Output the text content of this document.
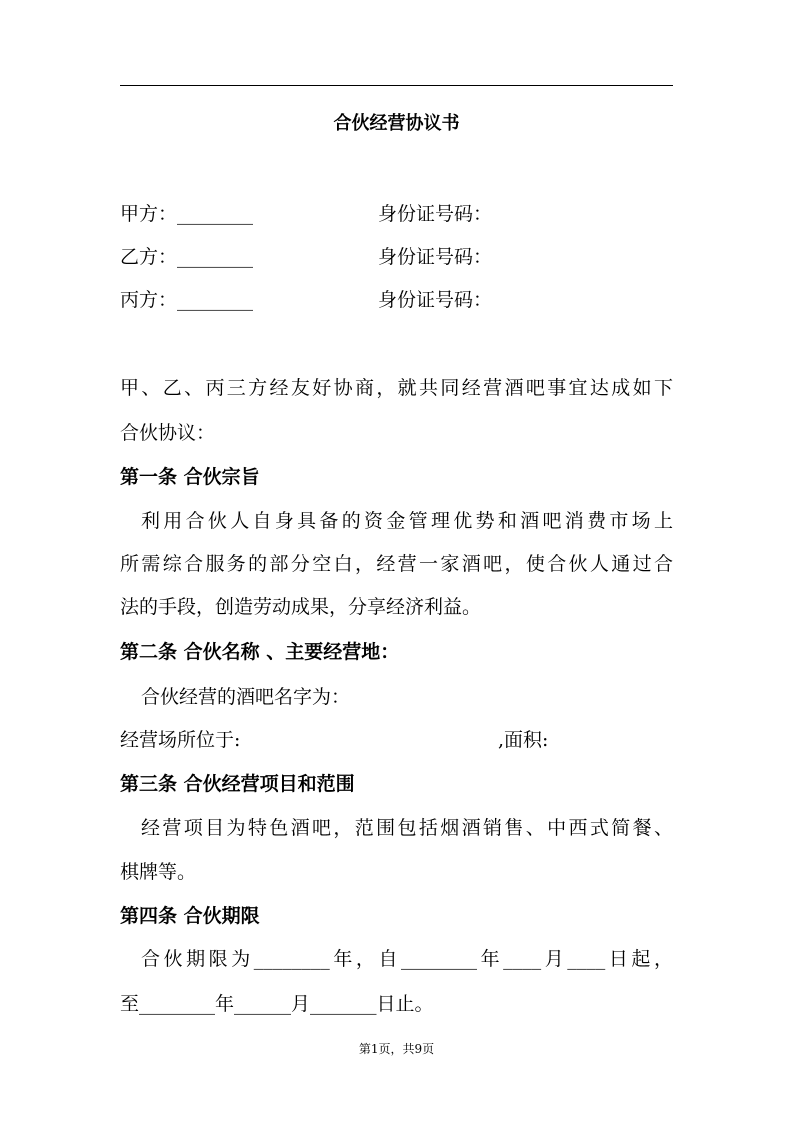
合伙经营协议书
甲方：________	身份证号码：
乙方：________	身份证号码：
丙方：________	身份证号码：

甲、乙、丙三方经友好协商，就共同经营酒吧事宜达成如下

合伙协议：

第一条 合伙宗旨

利用合伙人自身具备的资金管理优势和酒吧消费市场上

所需综合服务的部分空白，经营一家酒吧，使合伙人通过合

法的手段，创造劳动成果，分享经济利益。

第二条 合伙名称 、主要经营地：

合伙经营的酒吧名字为：

经营场所位于:	,面积:
第三条 合伙经营项目和范围

经营项目为特色酒吧，范围包括烟酒销售、中西式简餐、

棋牌等。

第四条 合伙期限

合伙期限为________年，自________年____月____日起，

至________年______月_______日止。

第1页，共9页
